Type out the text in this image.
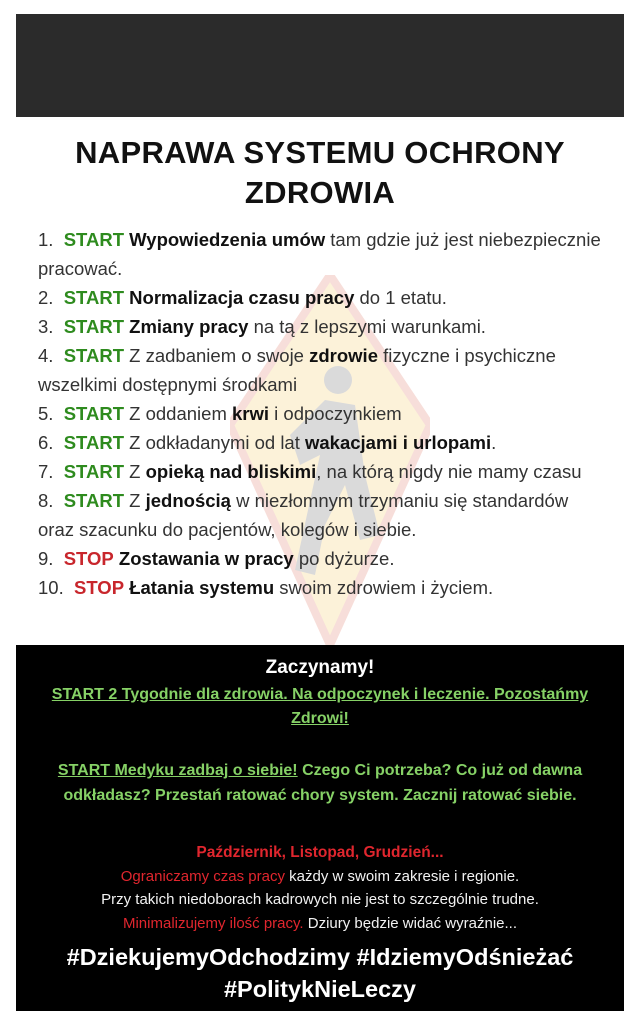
NAPRAWA SYSTEMU OCHRONY
ZDROWIA
1. START Wypowiedzenia umów tam gdzie już jest niebezpiecznie pracować.
2. START Normalizacja czasu pracy do 1 etatu.
3. START Zmiany pracy na tą z lepszymi warunkami.
4. START Z zadbaniem o swoje zdrowie fizyczne i psychiczne wszelkimi dostępnymi środkami
5. START Z oddaniem krwi i odpoczynkiem
6. START Z odkładanymi od lat wakacjami i urlopami.
7. START Z opieką nad bliskimi, na którą nigdy nie mamy czasu
8. START Z jednością w niezłomnym trzymaniu się standardów oraz szacunku do pacjentów, kolegów i siebie.
9. STOP Zostawania w pracy po dyżurze.
10. STOP Łatania systemu swoim zdrowiem i życiem.
Zaczynamy!
START 2 Tygodnie dla zdrowia. Na odpoczynek i leczenie. Pozostańmy Zdrowi!
START Medyku zadbaj o siebie! Czego Ci potrzeba? Co już od dawna odkładasz? Przestań ratować chory system. Zacznij ratować siebie.
Październik, Listopad, Grudzień...
Ograniczamy czas pracy każdy w swoim zakresie i regionie.
Przy takich niedoborach kadrowych nie jest to szczególnie trudne.
Minimalizujemy ilość pracy. Dziury będzie widać wyraźnie...
#DziekujemyOdchodzimy #IdziemyOdśnieżać
#PolitykNieLeczy
